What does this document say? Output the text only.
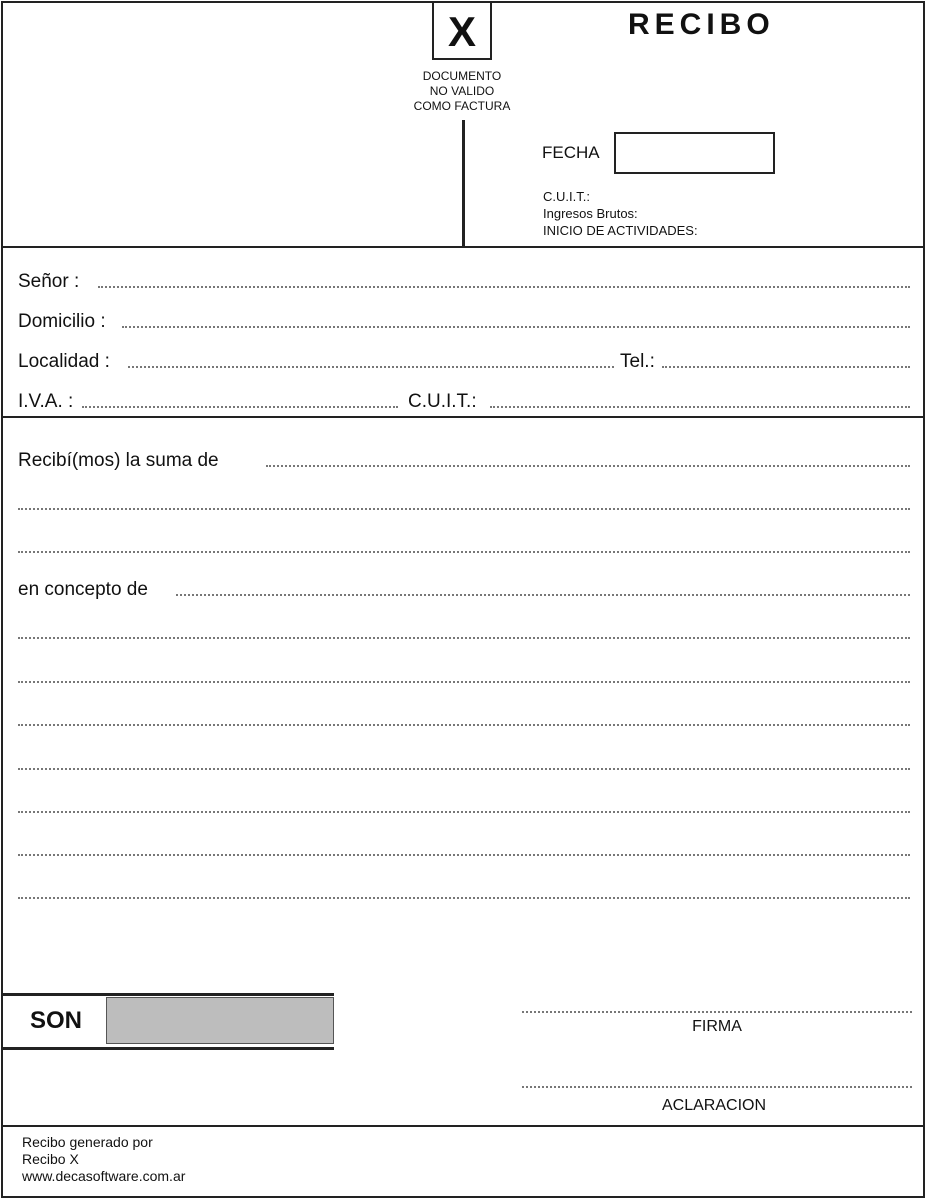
X
DOCUMENTO
NO VALIDO
COMO FACTURA
RECIBO
FECHA
C.U.I.T.:
Ingresos Brutos:
INICIO DE ACTIVIDADES:
Señor :
Domicilio :
Localidad :	Tel.:
I.V.A. :	C.U.I.T.:
Recibí(mos) la suma de
en concepto de
SON	FIRMA
ACLARACION
Recibo generado por
Recibo X
www.decasoftware.com.ar
